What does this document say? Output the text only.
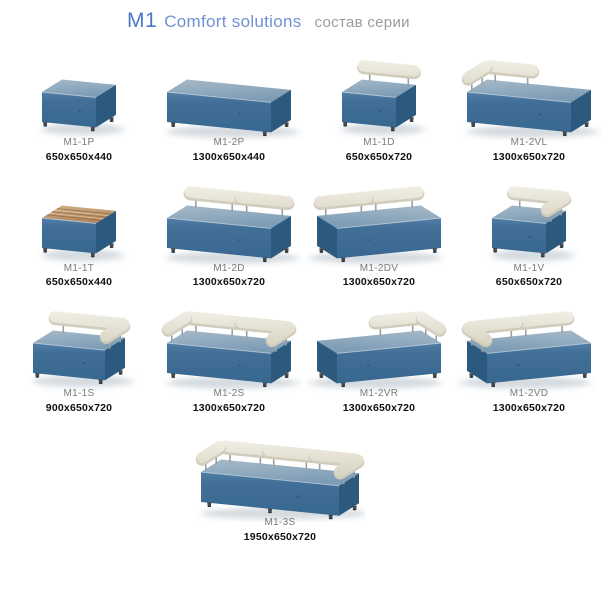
M1 Comfort solutions состав серии
M1-1P
650x650x440
M1-2P
1300x650x440
M1-1D
650x650x720
M1-2VL
1300x650x720
M1-1T
650x650x440
M1-2D
1300x650x720
M1-2DV
1300x650x720
M1-1V
650x650x720
M1-1S
900x650x720
M1-2S
1300x650x720
M1-2VR
1300x650x720
M1-2VD
1300x650x720
M1-3S
1950x650x720
